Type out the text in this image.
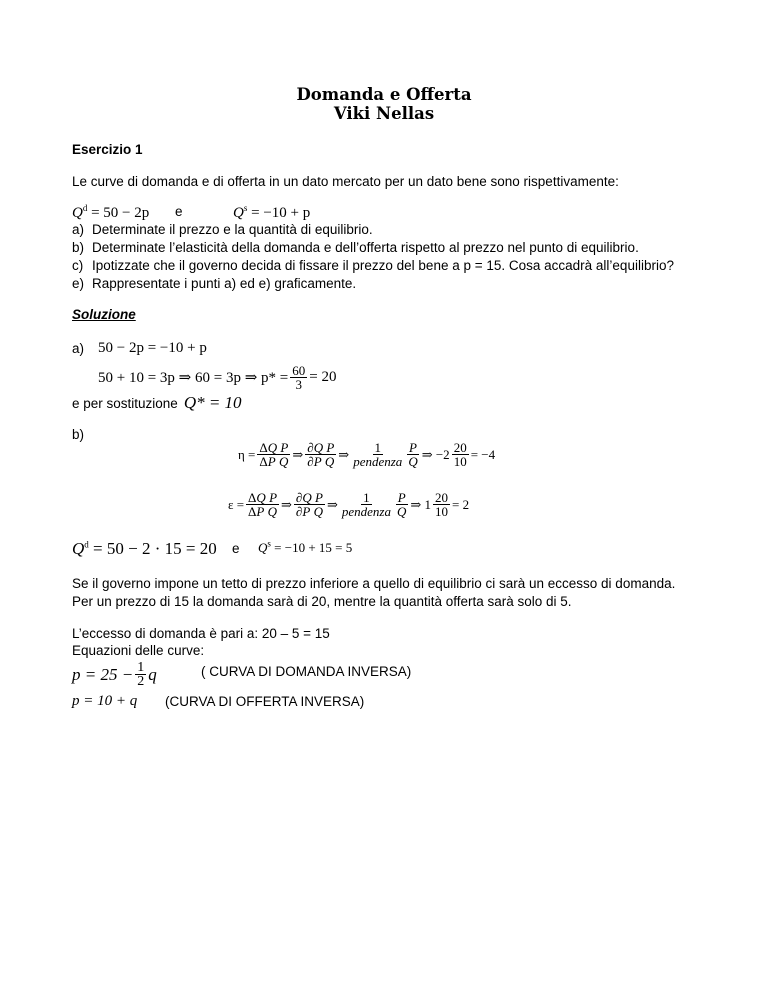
Domanda e Offerta
Viki Nellas
Esercizio 1
Le curve di domanda e di offerta in un dato mercato per un dato bene sono rispettivamente:
$Q^d = 50 - 2p$ e	$Q^s = -10 + p$
a) Determinate il prezzo e la quantità di equilibrio.
b) Determinate l’elasticità della domanda e dell’offerta rispetto al prezzo nel punto di equilibrio.
c) Ipotizzate che il governo decida di fissare il prezzo del bene a p = 15. Cosa accadrà all’equilibrio?
e) Rappresentate i punti a) ed e) graficamente.
Soluzione
a) 50 − 2p = −10 + p
50 + 10 = 3p ⇒ 60 = 3p ⇒ $p* = \frac{60}{3} = 20$
e per sostituzione Q* = 10
b)
$\eta = \frac{\text{ΔQ P}}{\text{ΔP Q}}$ ⇒ $\frac{\text{∂Q P}}{\text{∂P Q}}$ ⇒ $\frac{1}{\text{pendenza}} \frac{P}{Q}$ ⇒ $-2 \frac{20}{10} = -4$
$\varepsilon = \frac{\text{ΔQ P}}{\text{ΔP Q}}$ ⇒ $\frac{\text{∂Q P}}{\text{∂P Q}}$ ⇒ $\frac{1}{\text{pendenza}} \frac{P}{Q}$ ⇒ $1 \frac{20}{10} = 2$
$Q^d = 50 - 2 \cdot 15 = 20$ e $Q^s = -10 + 15 = 5$
Se il governo impone un tetto di prezzo inferiore a quello di equilibrio ci sarà un eccesso di domanda.
Per un prezzo di 15 la domanda sarà di 20, mentre la quantità offerta sarà solo di 5.
L’eccesso di domanda è pari a: 20 – 5 = 15
Equazioni delle curve:
$p = 25 - \frac{1}{2}$ q	( CURVA DI DOMANDA INVERSA)
p = 10 + q (CURVA DI OFFERTA INVERSA)
